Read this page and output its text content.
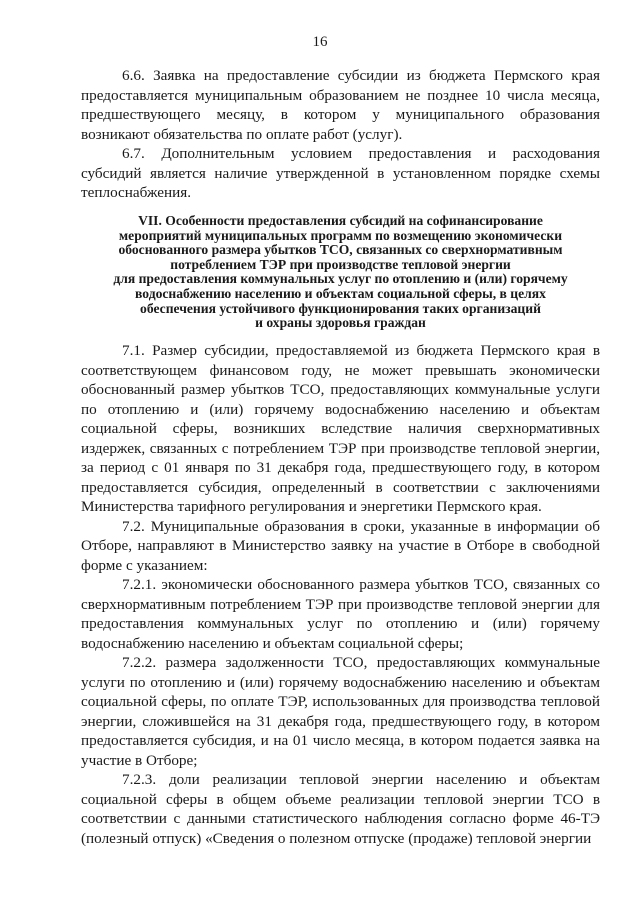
16

6.6. Заявка на предоставление субсидии из бюджета Пермского края предоставляется муниципальным образованием не позднее 10 числа месяца, предшествующего месяцу, в котором у муниципального образования возникают обязательства по оплате работ (услуг).

6.7. Дополнительным условием предоставления и расходования субсидий является наличие утвержденной в установленном порядке схемы теплоснабжения.

VII. Особенности предоставления субсидий на софинансирование
мероприятий муниципальных программ по возмещению экономически
обоснованного размера убытков ТСО, связанных со сверхнормативным
потреблением ТЭР при производстве тепловой энергии
для предоставления коммунальных услуг по отоплению и (или) горячему
водоснабжению населению и объектам социальной сферы, в целях
обеспечения устойчивого функционирования таких организаций
и охраны здоровья граждан

7.1. Размер субсидии, предоставляемой из бюджета Пермского края в соответствующем финансовом году, не может превышать экономически обоснованный размер убытков ТСО, предоставляющих коммунальные услуги по отоплению и (или) горячему водоснабжению населению и объектам социальной сферы, возникших вследствие наличия сверхнормативных издержек, связанных с потреблением ТЭР при производстве тепловой энергии, за период с 01 января по 31 декабря года, предшествующего году, в котором предоставляется субсидия, определенный в соответствии с заключениями Министерства тарифного регулирования и энергетики Пермского края.

7.2. Муниципальные образования в сроки, указанные в информации об Отборе, направляют в Министерство заявку на участие в Отборе в свободной форме с указанием:

7.2.1. экономически обоснованного размера убытков ТСО, связанных со сверхнормативным потреблением ТЭР при производстве тепловой энергии для предоставления коммунальных услуг по отоплению и (или) горячему водоснабжению населению и объектам социальной сферы;

7.2.2. размера задолженности ТСО, предоставляющих коммунальные услуги по отоплению и (или) горячему водоснабжению населению и объектам социальной сферы, по оплате ТЭР, использованных для производства тепловой энергии, сложившейся на 31 декабря года, предшествующего году, в котором предоставляется субсидия, и на 01 число месяца, в котором подается заявка на участие в Отборе;

7.2.3. доли реализации тепловой энергии населению и объектам социальной сферы в общем объеме реализации тепловой энергии ТСО в соответствии с данными статистического наблюдения согласно форме 46-ТЭ (полезный отпуск) «Сведения о полезном отпуске (продаже) тепловой энергии
